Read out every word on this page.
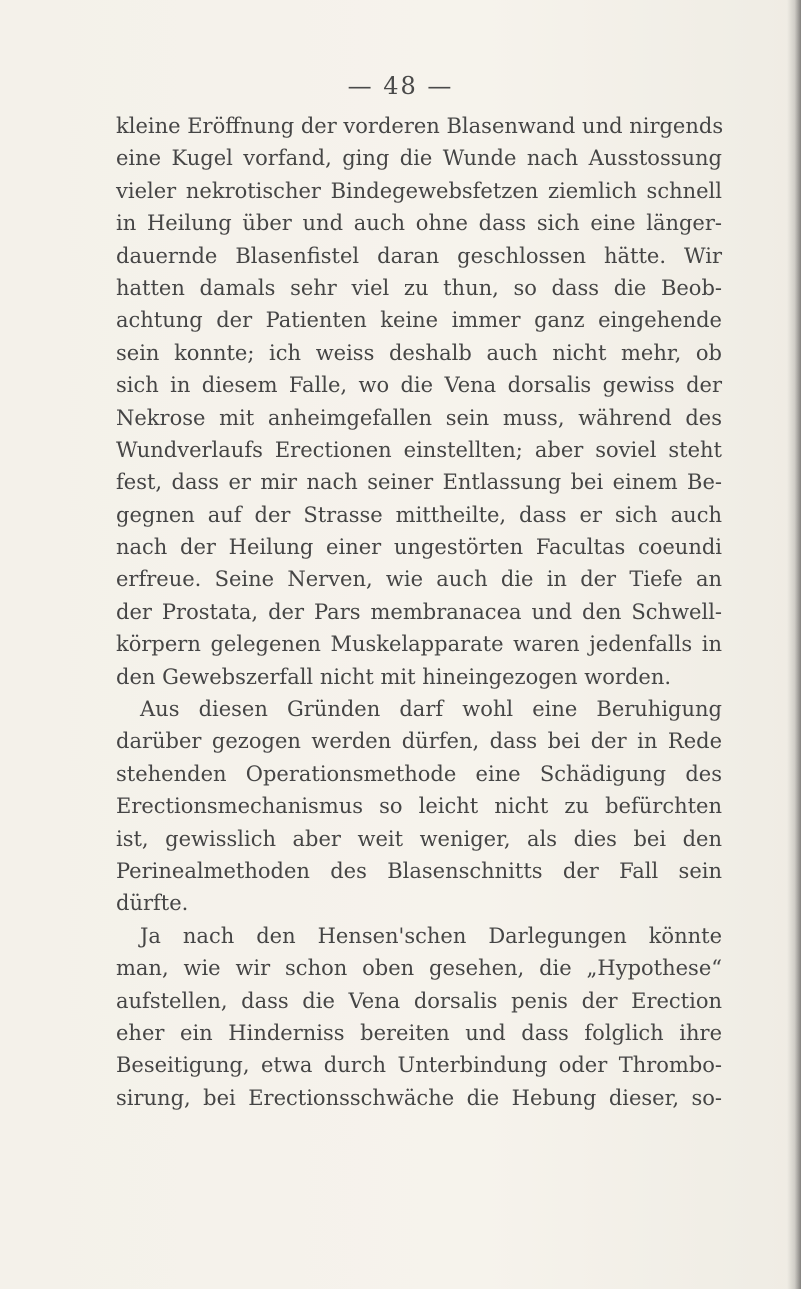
— 48 —
kleine Eröffnung der vorderen Blasenwand und nirgends
eine Kugel vorfand, ging die Wunde nach Ausstossung
vieler nekrotischer Bindegewebsfetzen ziemlich schnell
in Heilung über und auch ohne dass sich eine länger-
dauernde Blasenfistel daran geschlossen hätte. Wir
hatten damals sehr viel zu thun, so dass die Beob-
achtung der Patienten keine immer ganz eingehende
sein konnte; ich weiss deshalb auch nicht mehr, ob
sich in diesem Falle, wo die Vena dorsalis gewiss der
Nekrose mit anheimgefallen sein muss, während des
Wundverlaufs Erectionen einstellten; aber soviel steht
fest, dass er mir nach seiner Entlassung bei einem Be-
gegnen auf der Strasse mittheilte, dass er sich auch
nach der Heilung einer ungestörten Facultas coeundi
erfreue. Seine Nerven, wie auch die in der Tiefe an
der Prostata, der Pars membranacea und den Schwell-
körpern gelegenen Muskelapparate waren jedenfalls in
den Gewebszerfall nicht mit hineingezogen worden.
Aus diesen Gründen darf wohl eine Beruhigung
darüber gezogen werden dürfen, dass bei der in Rede
stehenden Operationsmethode eine Schädigung des
Erectionsmechanismus so leicht nicht zu befürchten
ist, gewisslich aber weit weniger, als dies bei den
Perinealmethoden des Blasenschnitts der Fall sein
dürfte.
Ja nach den Hensen'schen Darlegungen könnte
man, wie wir schon oben gesehen, die „Hypothese“
aufstellen, dass die Vena dorsalis penis der Erection
eher ein Hinderniss bereiten und dass folglich ihre
Beseitigung, etwa durch Unterbindung oder Thrombo-
sirung, bei Erectionsschwäche die Hebung dieser, so-
